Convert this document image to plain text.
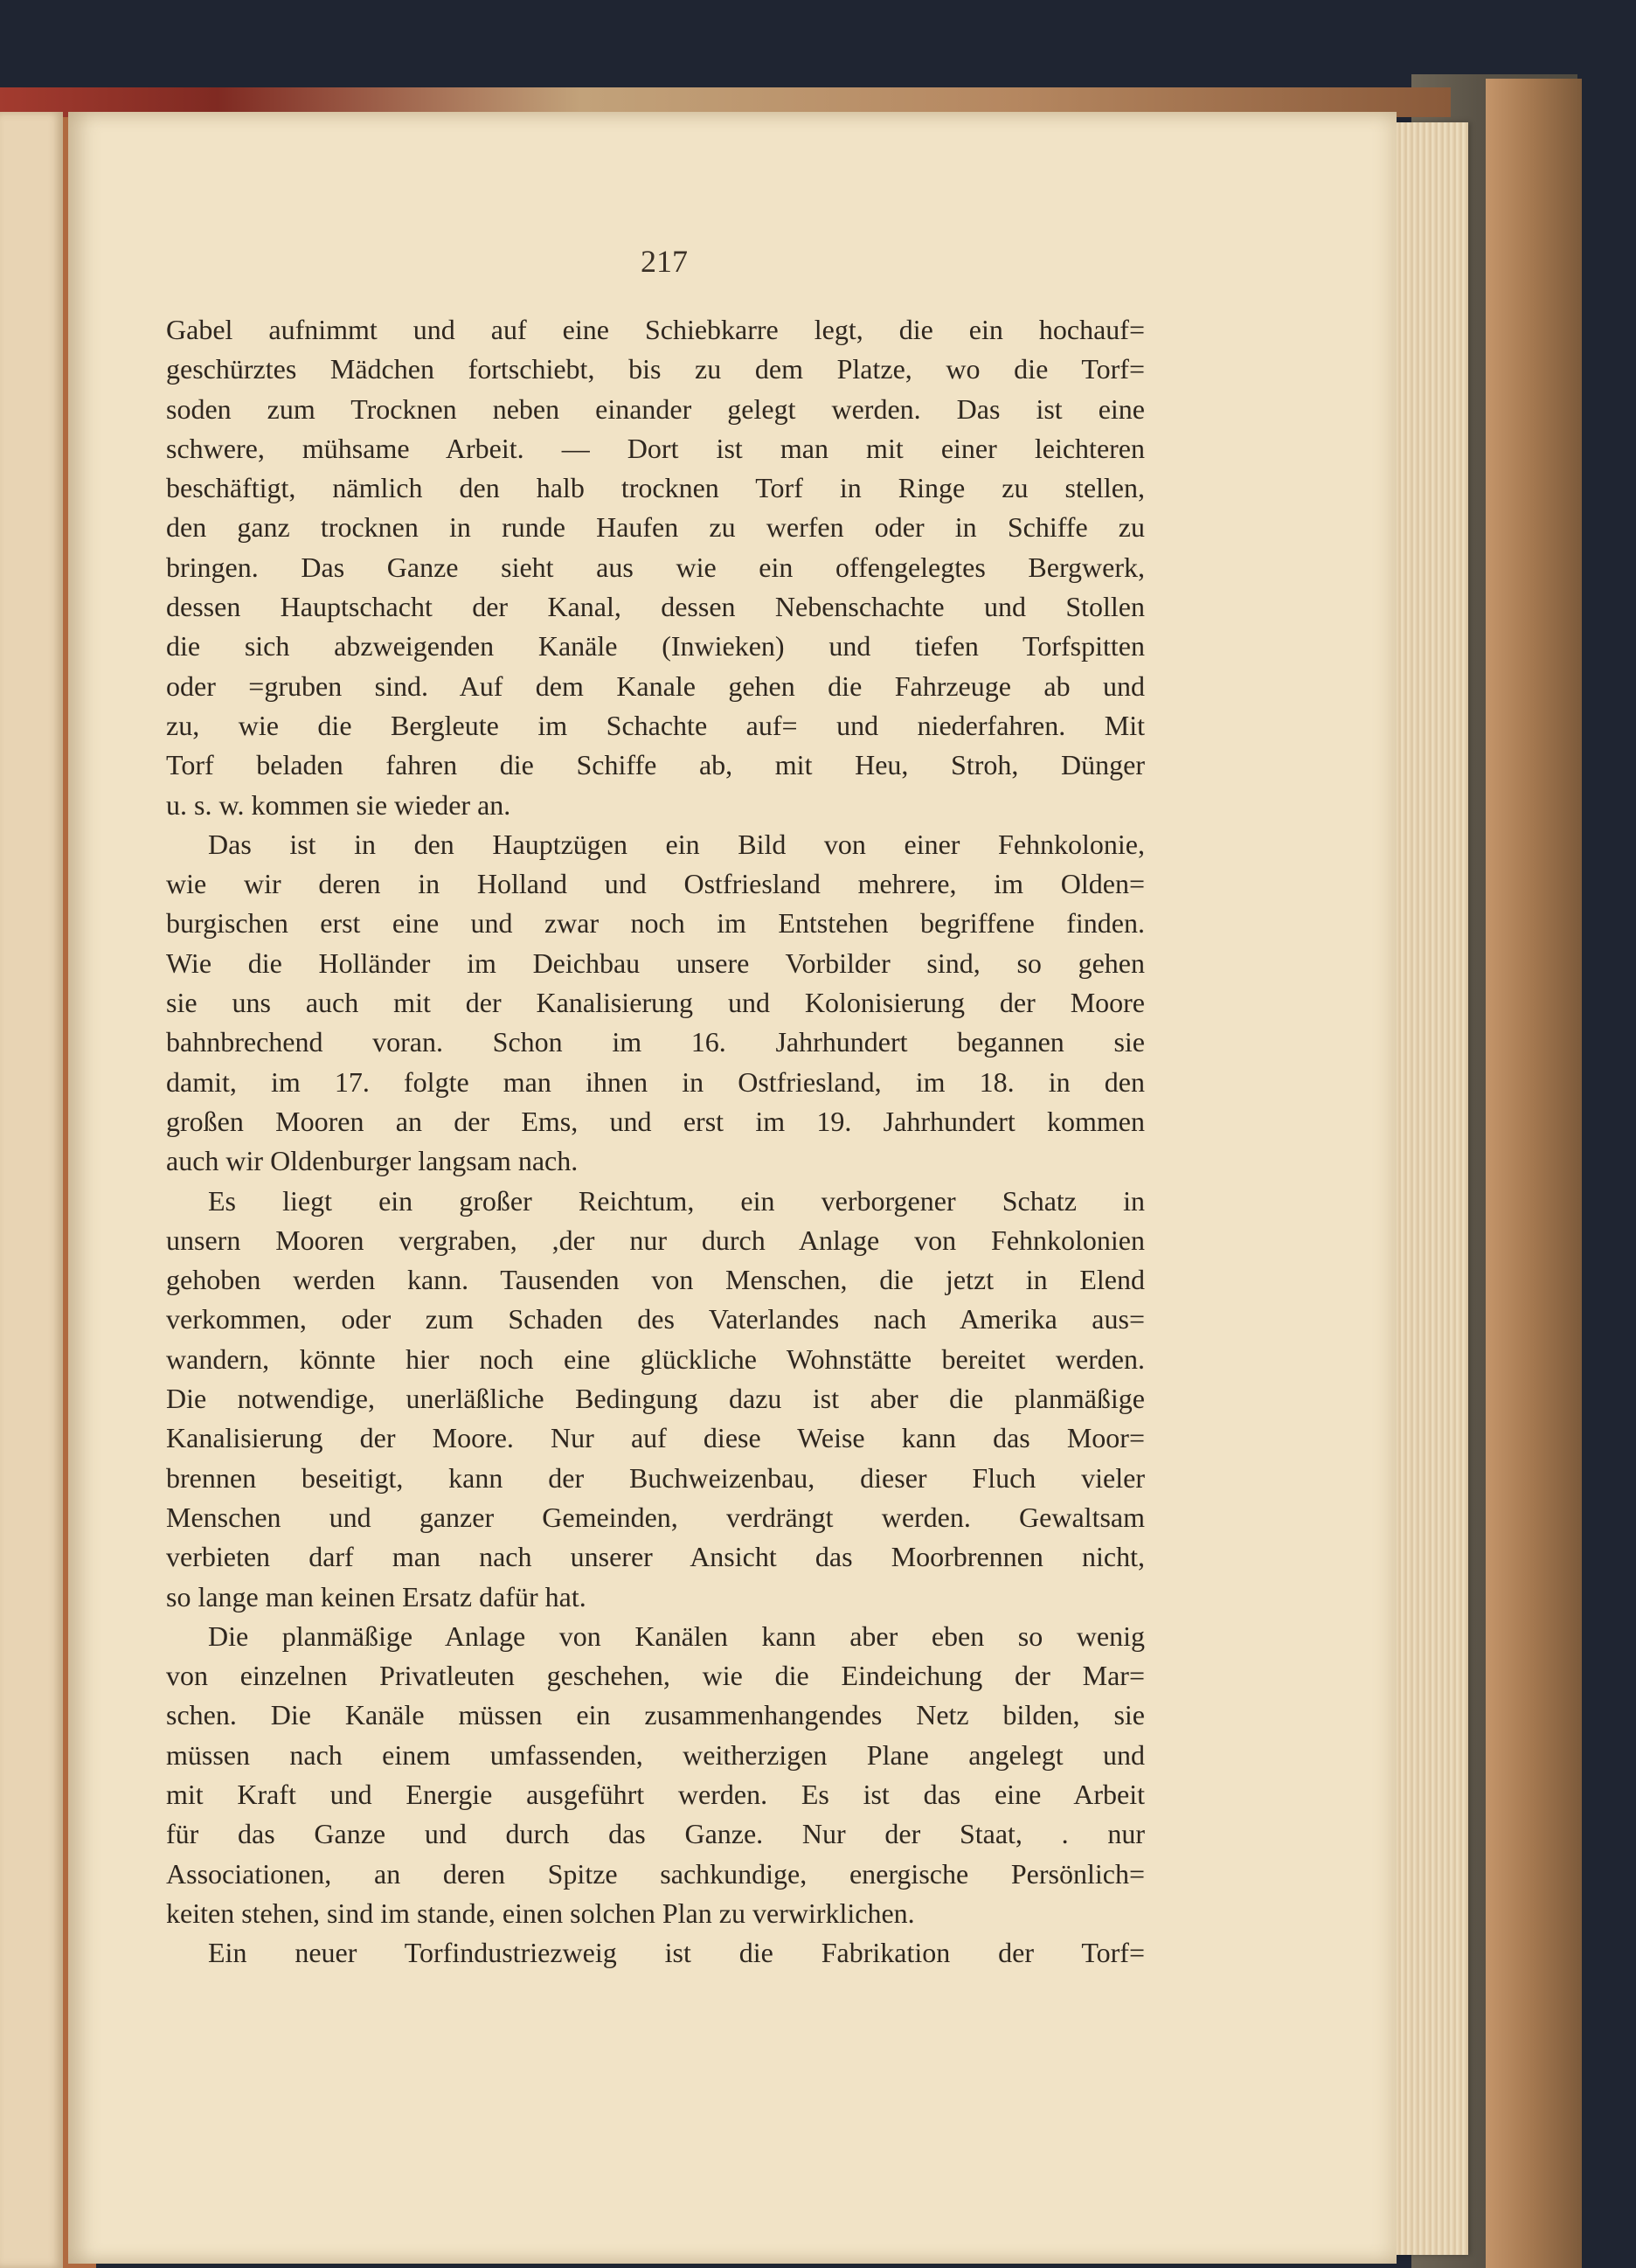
217
Gabel aufnimmt und auf eine Schiebkarre legt, die ein hochauf=
geschürztes Mädchen fortschiebt, bis zu dem Platze, wo die Torf=
soden zum Trocknen neben einander gelegt werden. Das ist eine
schwere, mühsame Arbeit. — Dort ist man mit einer leichteren
beschäftigt, nämlich den halb trocknen Torf in Ringe zu stellen,
den ganz trocknen in runde Haufen zu werfen oder in Schiffe zu
bringen. Das Ganze sieht aus wie ein offengelegtes Bergwerk,
dessen Hauptschacht der Kanal, dessen Nebenschachte und Stollen
die sich abzweigenden Kanäle (Inwieken) und tiefen Torfspitten
oder =gruben sind. Auf dem Kanale gehen die Fahrzeuge ab und
zu, wie die Bergleute im Schachte auf= und niederfahren. Mit
Torf beladen fahren die Schiffe ab, mit Heu, Stroh, Dünger
u. s. w. kommen sie wieder an.
Das ist in den Hauptzügen ein Bild von einer Fehnkolonie,
wie wir deren in Holland und Ostfriesland mehrere, im Olden=
burgischen erst eine und zwar noch im Entstehen begriffene finden.
Wie die Holländer im Deichbau unsere Vorbilder sind, so gehen
sie uns auch mit der Kanalisierung und Kolonisierung der Moore
bahnbrechend voran. Schon im 16. Jahrhundert begannen sie
damit, im 17. folgte man ihnen in Ostfriesland, im 18. in den
großen Mooren an der Ems, und erst im 19. Jahrhundert kommen
auch wir Oldenburger langsam nach.
Es liegt ein großer Reichtum, ein verborgener Schatz in
unsern Mooren vergraben, ,der nur durch Anlage von Fehnkolonien
gehoben werden kann. Tausenden von Menschen, die jetzt in Elend
verkommen, oder zum Schaden des Vaterlandes nach Amerika aus=
wandern, könnte hier noch eine glückliche Wohnstätte bereitet werden.
Die notwendige, unerläßliche Bedingung dazu ist aber die planmäßige
Kanalisierung der Moore. Nur auf diese Weise kann das Moor=
brennen beseitigt, kann der Buchweizenbau, dieser Fluch vieler
Menschen und ganzer Gemeinden, verdrängt werden. Gewaltsam
verbieten darf man nach unserer Ansicht das Moorbrennen nicht,
so lange man keinen Ersatz dafür hat.
Die planmäßige Anlage von Kanälen kann aber eben so wenig
von einzelnen Privatleuten geschehen, wie die Eindeichung der Mar=
schen. Die Kanäle müssen ein zusammenhangendes Netz bilden, sie
müssen nach einem umfassenden, weitherzigen Plane angelegt und
mit Kraft und Energie ausgeführt werden. Es ist das eine Arbeit
für das Ganze und durch das Ganze. Nur der Staat, . nur
Associationen, an deren Spitze sachkundige, energische Persönlich=
keiten stehen, sind im stande, einen solchen Plan zu verwirklichen.
Ein neuer Torfindustriezweig ist die Fabrikation der Torf=
